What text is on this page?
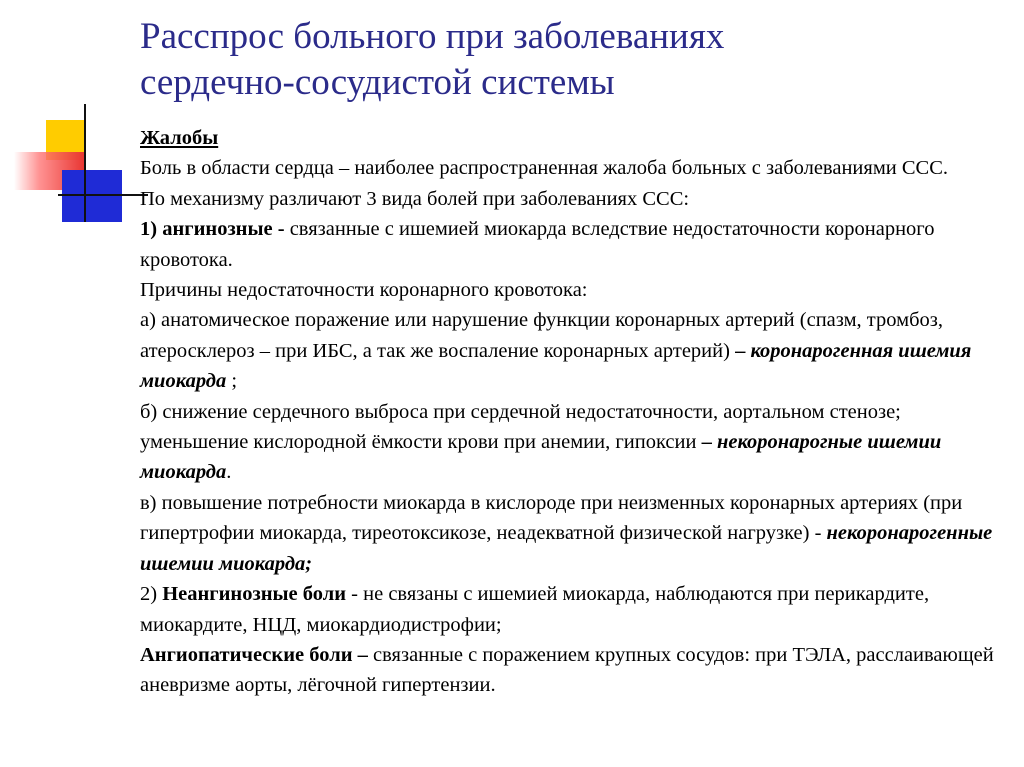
Расспрос больного при заболеваниях
сердечно-сосудистой системы

Жалобы

Боль в области сердца – наиболее распространенная жалоба больных с заболеваниями ССС.

По механизму различают 3 вида болей при заболеваниях ССС:

1) ангинозные - связанные с ишемией миокарда вследствие недостаточности коронарного кровотока.

Причины недостаточности коронарного кровотока:

а) анатомическое поражение или нарушение функции коронарных артерий (спазм, тромбоз, атеросклероз – при ИБС, а так же воспаление коронарных артерий) – коронарогенная ишемия миокарда ;

б) снижение сердечного выброса при сердечной недостаточности, аортальном стенозе; уменьшение кислородной ёмкости крови при анемии, гипоксии – некоронарогные ишемии миокарда.

в) повышение потребности миокарда в кислороде при неизменных коронарных артериях (при гипертрофии миокарда, тиреотоксикозе, неадекватной физической нагрузке) - некоронарогенные ишемии миокарда;

2) Неангинозные боли - не связаны с ишемией миокарда, наблюдаются при перикардите, миокардите, НЦД, миокардиодистрофии;

Ангиопатические боли – связанные с поражением крупных сосудов: при ТЭЛА, расслаивающей аневризме аорты, лёгочной гипертензии.
